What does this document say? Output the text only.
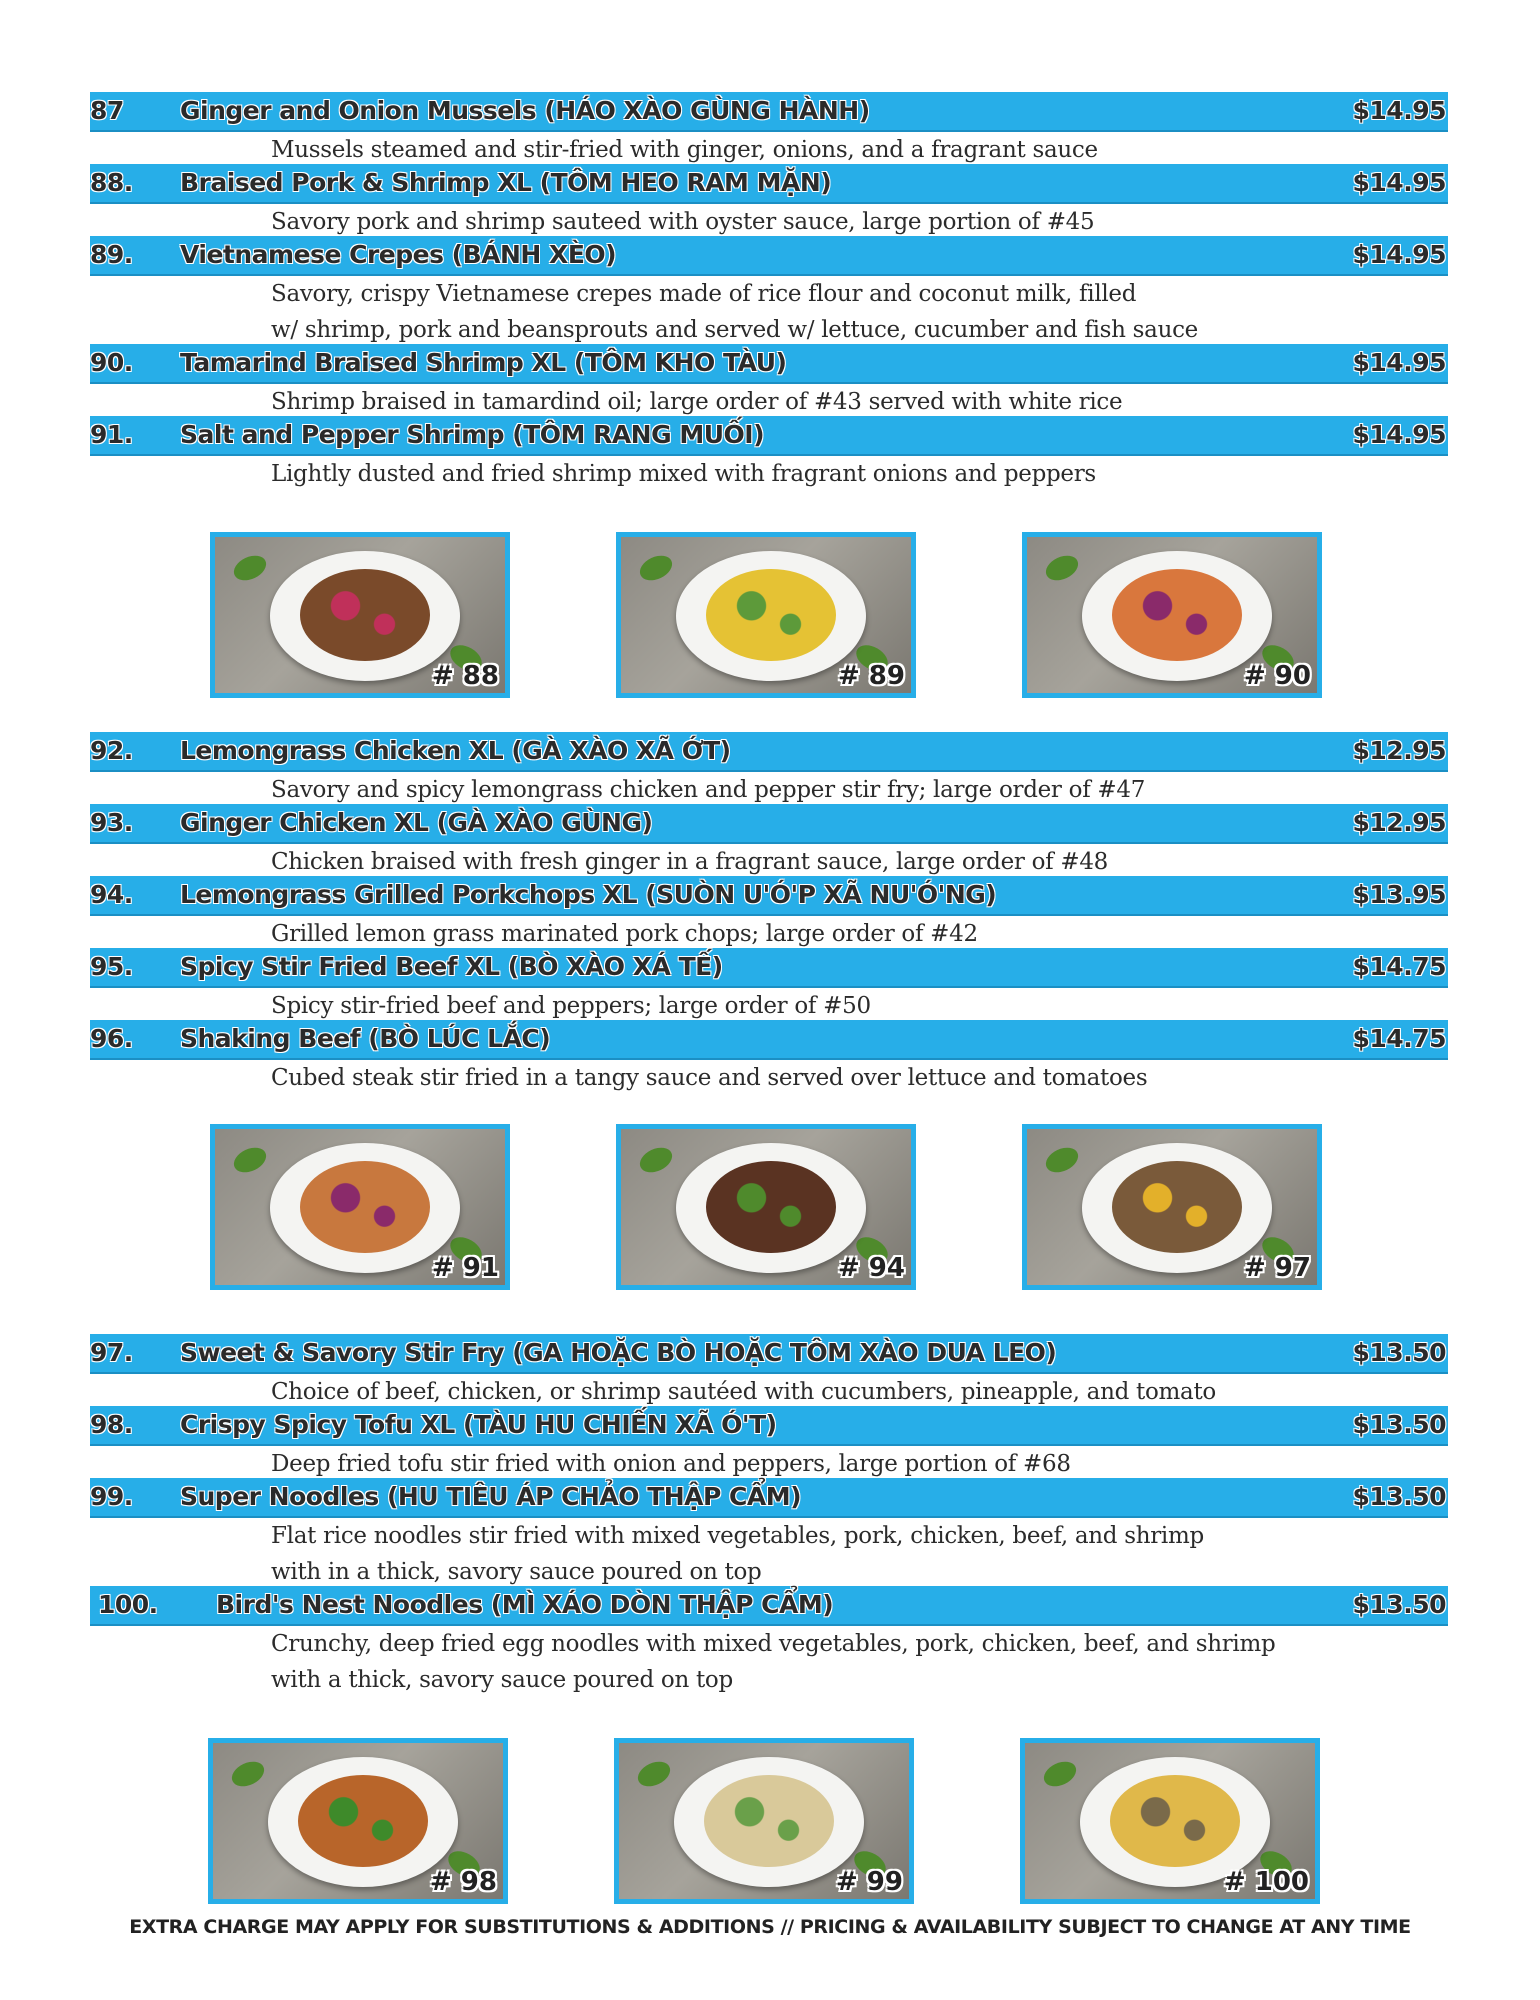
87 Ginger and Onion Mussels (HÁO XÀO GÙNG HÀNH)	$14.95
Mussels steamed and stir-fried with ginger, onions, and a fragrant sauce
88. Braised Pork & Shrimp XL (TÔM HEO RAM MẶN)	$14.95
Savory pork and shrimp sauteed with oyster sauce, large portion of #45
89. Vietnamese Crepes (BÁNH XÈO)	$14.95
Savory, crispy Vietnamese crepes made of rice flour and coconut milk, filled
w/ shrimp, pork and beansprouts and served w/ lettuce, cucumber and fish sauce
90. Tamarind Braised Shrimp XL (TÔM KHO TÀU)	$14.95
Shrimp braised in tamardind oil; large order of #43 served with white rice
91. Salt and Pepper Shrimp (TÔM RANG MUỐI)	$14.95
Lightly dusted and fried shrimp mixed with fragrant onions and peppers
# 88	# 89	# 90
92. Lemongrass Chicken XL (GÀ XÀO XÃ ỚT)	$12.95
Savory and spicy lemongrass chicken and pepper stir fry; large order of #47
93. Ginger Chicken XL (GÀ XÀO GÙNG)	$12.95
Chicken braised with fresh ginger in a fragrant sauce, large order of #48
94. Lemongrass Grilled Porkchops XL (SUÒN U'Ó'P XÃ NU'Ó'NG)	$13.95
Grilled lemon grass marinated pork chops; large order of #42
95. Spicy Stir Fried Beef XL (BÒ XÀO XÁ TẾ)	$14.75
Spicy stir-fried beef and peppers; large order of #50
96. Shaking Beef (BÒ LÚC LẮC)	$14.75
Cubed steak stir fried in a tangy sauce and served over lettuce and tomatoes
# 91	# 94	# 97
97. Sweet & Savory Stir Fry (GA HOẶC BÒ HOẶC TÔM XÀO DUA LEO)	$13.50
Choice of beef, chicken, or shrimp sautéed with cucumbers, pineapple, and tomato
98. Crispy Spicy Tofu XL (TÀU HU CHIẾN XÃ Ó'T)	$13.50
Deep fried tofu stir fried with onion and peppers, large portion of #68
99. Super Noodles (HU TIÊU ÁP CHẢO THẬP CẨM)	$13.50
Flat rice noodles stir fried with mixed vegetables, pork, chicken, beef, and shrimp
with in a thick, savory sauce poured on top
100. Bird's Nest Noodles (MÌ XÁO DÒN THẬP CẨM)	$13.50
Crunchy, deep fried egg noodles with mixed vegetables, pork, chicken, beef, and shrimp
with a thick, savory sauce poured on top
# 98	# 99	# 100
EXTRA CHARGE MAY APPLY FOR SUBSTITUTIONS & ADDITIONS // PRICING & AVAILABILITY SUBJECT TO CHANGE AT ANY TIME
